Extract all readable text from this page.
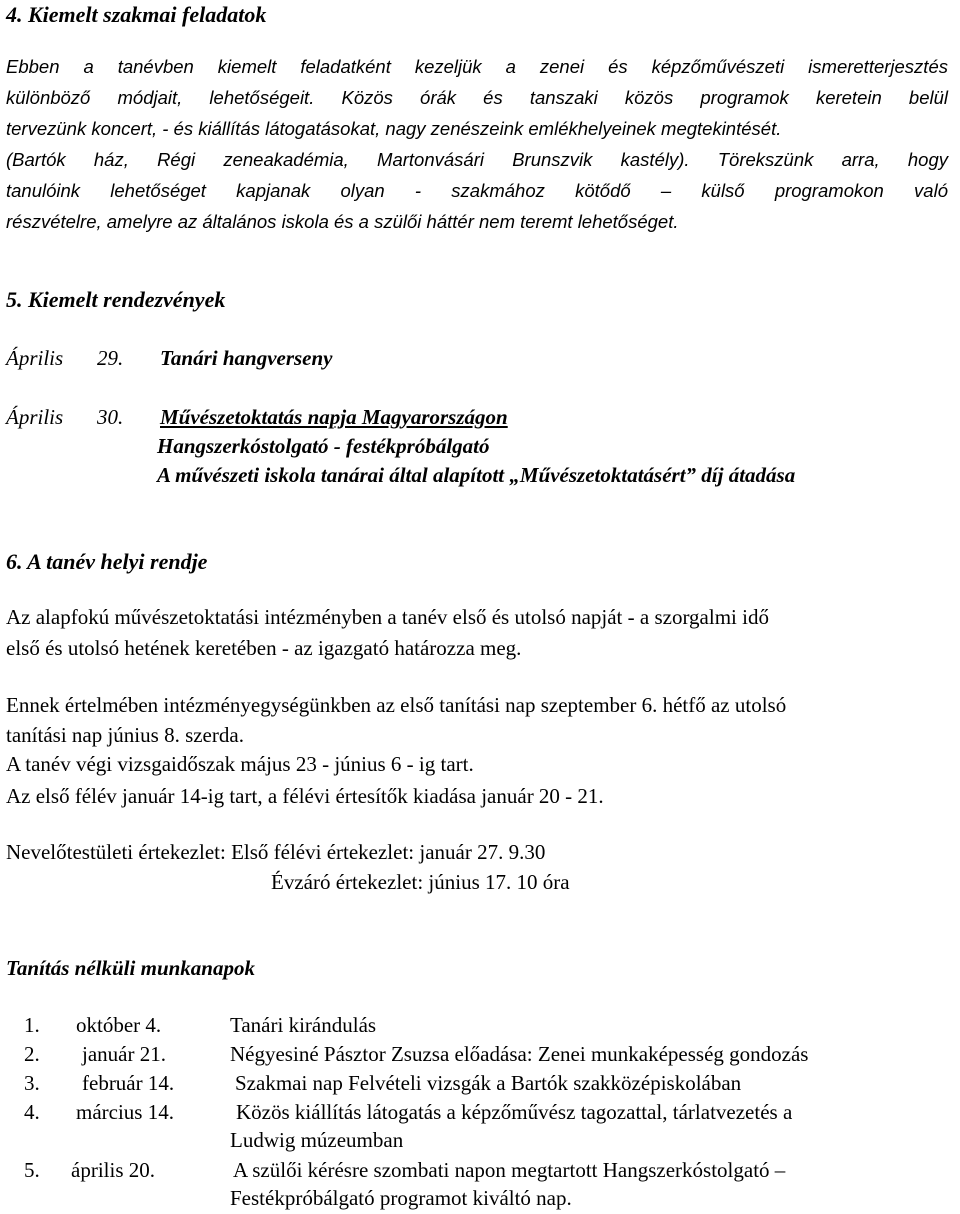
4. Kiemelt szakmai feladatok
Ebben a tanévben kiemelt feladatként kezeljük a zenei és képzőművészeti ismeretterjesztés
különböző módjait, lehetőségeit. Közös órák és tanszaki közös programok keretein belül
tervezünk koncert, - és kiállítás látogatásokat, nagy zenészeink emlékhelyeinek megtekintését.
(Bartók ház, Régi zeneakadémia, Martonvásári Brunszvik kastély). Törekszünk arra, hogy
tanulóink lehetőséget kapjanak olyan - szakmához kötődő – külső programokon való
részvételre, amelyre az általános iskola és a szülői háttér nem teremt lehetőséget.
5. Kiemelt rendezvények
Április 29. Tanári hangverseny
Április 30. Művészetoktatás napja Magyarországon
Hangszerkóstolgató - festékpróbálgató
A művészeti iskola tanárai által alapított „Művészetoktatásért” díj átadása
6. A tanév helyi rendje
Az alapfokú művészetoktatási intézményben a tanév első és utolsó napját - a szorgalmi idő
első és utolsó hetének keretében - az igazgató határozza meg.
Ennek értelmében intézményegységünkben az első tanítási nap szeptember 6. hétfő az utolsó
tanítási nap június 8. szerda.
A tanév végi vizsgaidőszak május 23 - június 6 - ig tart.
Az első félév január 14-ig tart, a félévi értesítők kiadása január 20 - 21.
Nevelőtestületi értekezlet: Első félévi értekezlet: január 27. 9.30
Évzáró értekezlet: június 17. 10 óra
Tanítás nélküli munkanapok
1. október 4.	Tanári kirándulás
2. január 21.	Négyesiné Pásztor Zsuzsa előadása: Zenei munkaképesség gondozás
3. február 14.	Szakmai nap Felvételi vizsgák a Bartók szakközépiskolában
4. március 14.	Közös kiállítás látogatás a képzőművész tagozattal, tárlatvezetés a
Ludwig múzeumban
5. április 20.	A szülői kérésre szombati napon megtartott Hangszerkóstolgató –
Festékpróbálgató programot kiváltó nap.
